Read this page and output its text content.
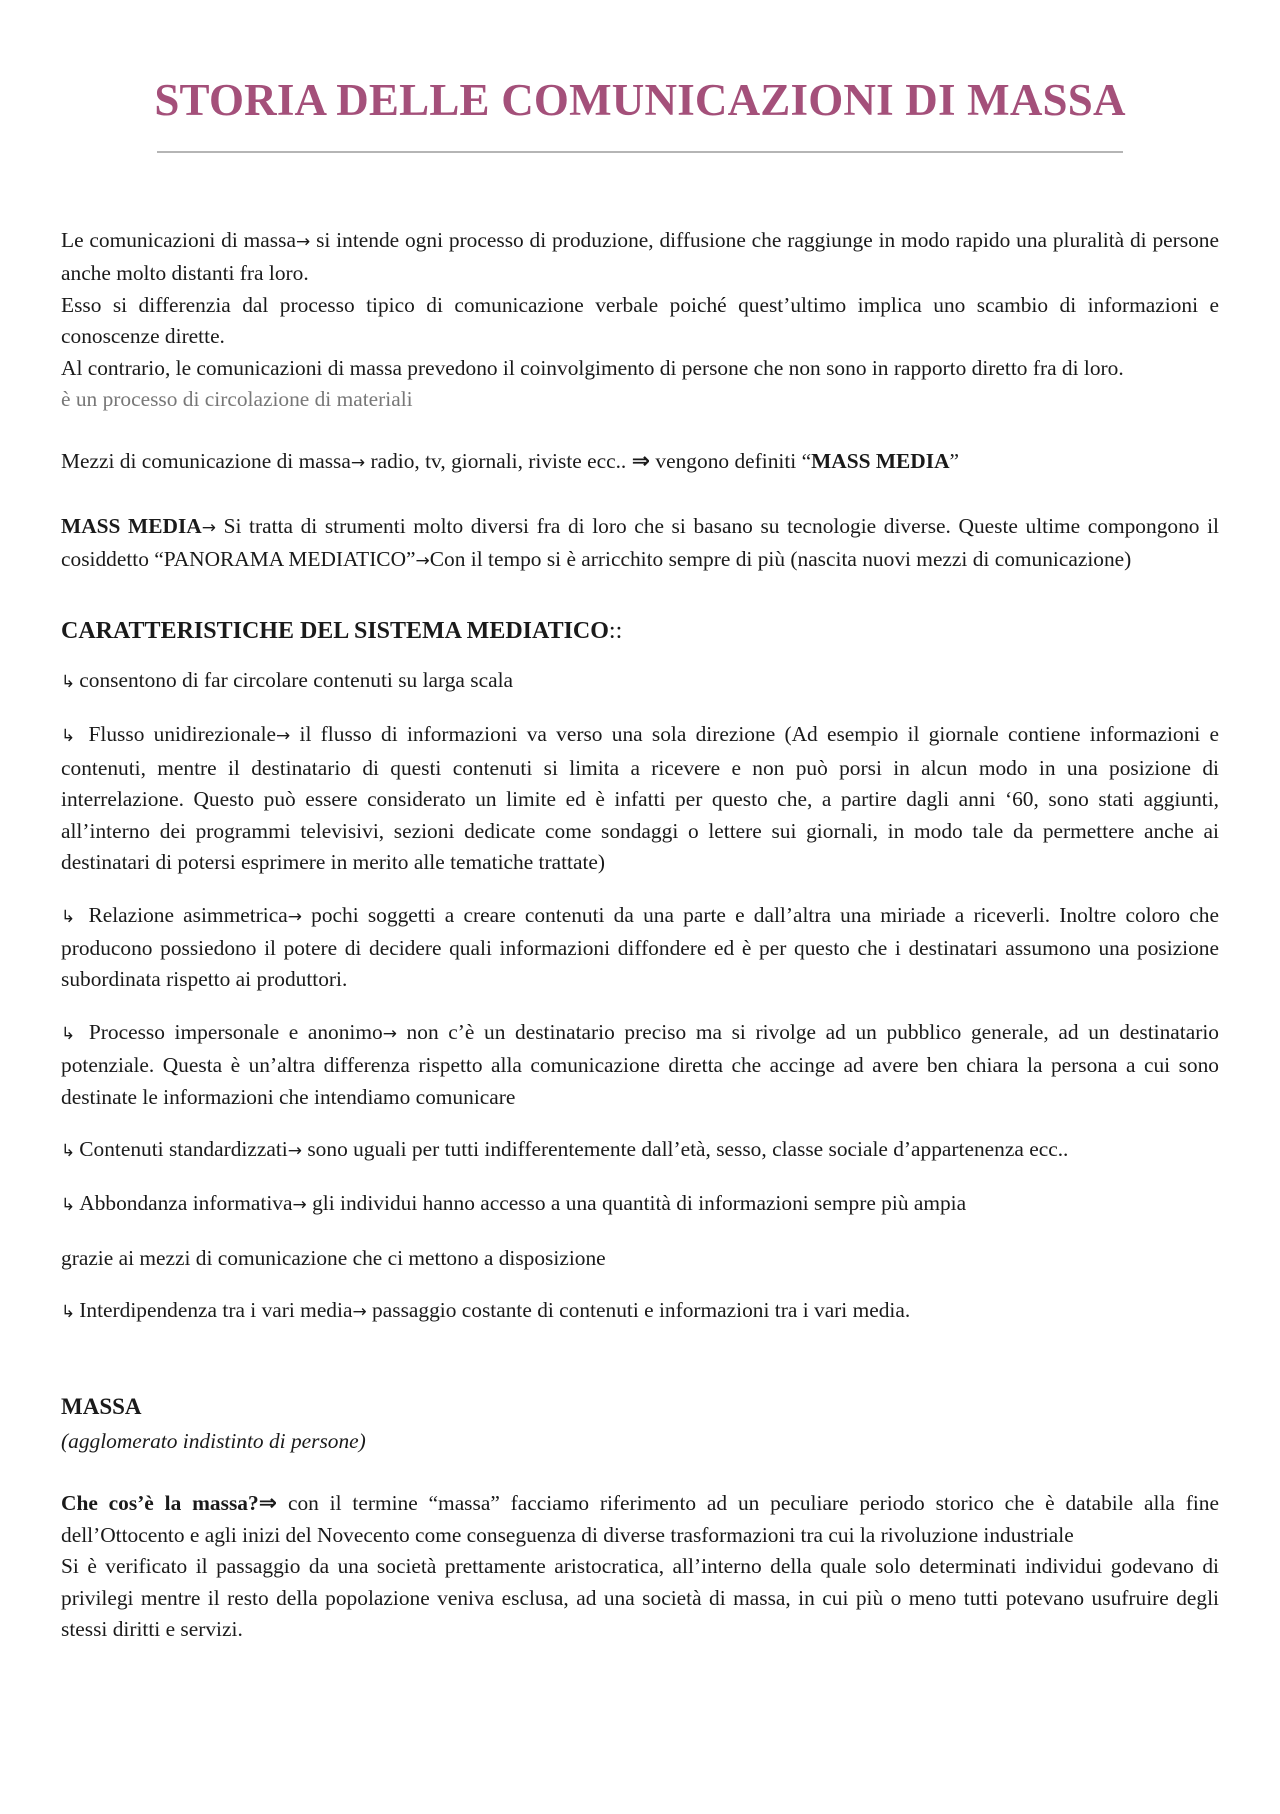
STORIA DELLE COMUNICAZIONI DI MASSA

Le comunicazioni di massa→ si intende ogni processo di produzione, diffusione che raggiunge in modo rapido una pluralità di persone anche molto distanti fra loro.

Esso si differenzia dal processo tipico di comunicazione verbale poiché quest’ultimo implica uno scambio di informazioni e conoscenze dirette.

Al contrario, le comunicazioni di massa prevedono il coinvolgimento di persone che non sono in rapporto diretto fra di loro.

è un processo di circolazione di materiali

Mezzi di comunicazione di massa→ radio, tv, giornali, riviste ecc.. ⇒ vengono definiti “MASS MEDIA”

MASS MEDIA→ Si tratta di strumenti molto diversi fra di loro che si basano su tecnologie diverse. Queste ultime compongono il cosiddetto “PANORAMA MEDIATICO”→Con il tempo si è arricchito sempre di più (nascita nuovi mezzi di comunicazione)

CARATTERISTICHE DEL SISTEMA MEDIATICO::

↳ consentono di far circolare contenuti su larga scala

↳ Flusso unidirezionale→ il flusso di informazioni va verso una sola direzione (Ad esempio il giornale contiene informazioni e contenuti, mentre il destinatario di questi contenuti si limita a ricevere e non può porsi in alcun modo in una posizione di interrelazione. Questo può essere considerato un limite ed è infatti per questo che, a partire dagli anni ‘60, sono stati aggiunti, all’interno dei programmi televisivi, sezioni dedicate come sondaggi o lettere sui giornali, in modo tale da permettere anche ai destinatari di potersi esprimere in merito alle tematiche trattate)

↳ Relazione asimmetrica→ pochi soggetti a creare contenuti da una parte e dall’altra una miriade a riceverli. Inoltre coloro che producono possiedono il potere di decidere quali informazioni diffondere ed è per questo che i destinatari assumono una posizione subordinata rispetto ai produttori.

↳ Processo impersonale e anonimo→ non c’è un destinatario preciso ma si rivolge ad un pubblico generale, ad un destinatario potenziale. Questa è un’altra differenza rispetto alla comunicazione diretta che accinge ad avere ben chiara la persona a cui sono destinate le informazioni che intendiamo comunicare

↳ Contenuti standardizzati→ sono uguali per tutti indifferentemente dall’età, sesso, classe sociale d’appartenenza ecc..

↳ Abbondanza informativa→ gli individui hanno accesso a una quantità di informazioni sempre più ampia

grazie ai mezzi di comunicazione che ci mettono a disposizione

↳ Interdipendenza tra i vari media→ passaggio costante di contenuti e informazioni tra i vari media.

MASSA

(agglomerato indistinto di persone)

Che cos’è la massa?⇒ con il termine “massa” facciamo riferimento ad un peculiare periodo storico che è databile alla fine dell’Ottocento e agli inizi del Novecento come conseguenza di diverse trasformazioni tra cui la rivoluzione industriale

Si è verificato il passaggio da una società prettamente aristocratica, all’interno della quale solo determinati individui godevano di privilegi mentre il resto della popolazione veniva esclusa, ad una società di massa, in cui più o meno tutti potevano usufruire degli stessi diritti e servizi.
